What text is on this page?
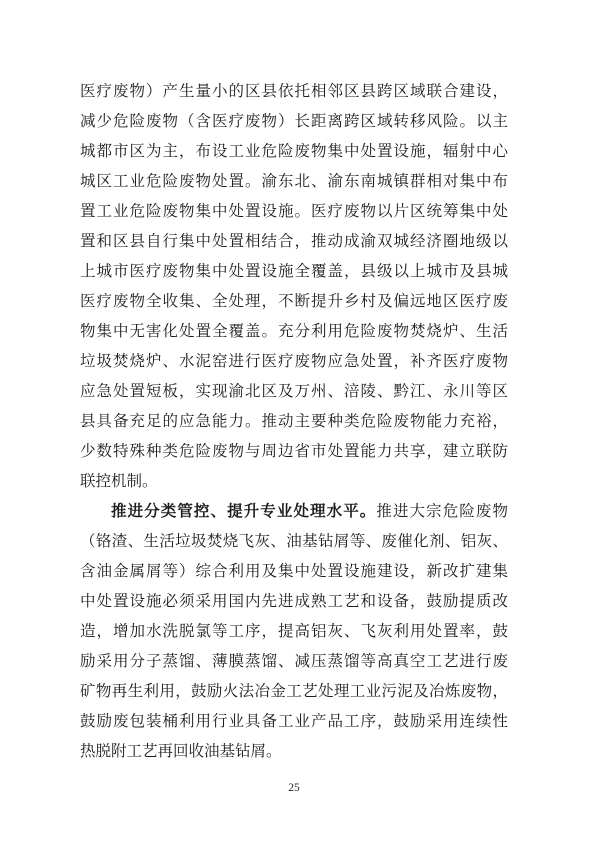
医疗废物）产生量小的区县依托相邻区县跨区域联合建设，
减少危险废物（含医疗废物）长距离跨区域转移风险。以主
城都市区为主，布设工业危险废物集中处置设施，辐射中心
城区工业危险废物处置。渝东北、渝东南城镇群相对集中布
置工业危险废物集中处置设施。医疗废物以片区统筹集中处
置和区县自行集中处置相结合，推动成渝双城经济圈地级以
上城市医疗废物集中处置设施全覆盖，县级以上城市及县城
医疗废物全收集、全处理，不断提升乡村及偏远地区医疗废
物集中无害化处置全覆盖。充分利用危险废物焚烧炉、生活
垃圾焚烧炉、水泥窑进行医疗废物应急处置，补齐医疗废物
应急处置短板，实现渝北区及万州、涪陵、黔江、永川等区
县具备充足的应急能力。推动主要种类危险废物能力充裕，
少数特殊种类危险废物与周边省市处置能力共享，建立联防
联控机制。
推进分类管控、提升专业处理水平。推进大宗危险废物
（铬渣、生活垃圾焚烧飞灰、油基钻屑等、废催化剂、铝灰、
含油金属屑等）综合利用及集中处置设施建设，新改扩建集
中处置设施必须采用国内先进成熟工艺和设备，鼓励提质改
造，增加水洗脱氯等工序，提高铝灰、飞灰利用处置率，鼓
励采用分子蒸馏、薄膜蒸馏、减压蒸馏等高真空工艺进行废
矿物再生利用，鼓励火法冶金工艺处理工业污泥及冶炼废物，
鼓励废包装桶利用行业具备工业产品工序，鼓励采用连续性
热脱附工艺再回收油基钻屑。
25
